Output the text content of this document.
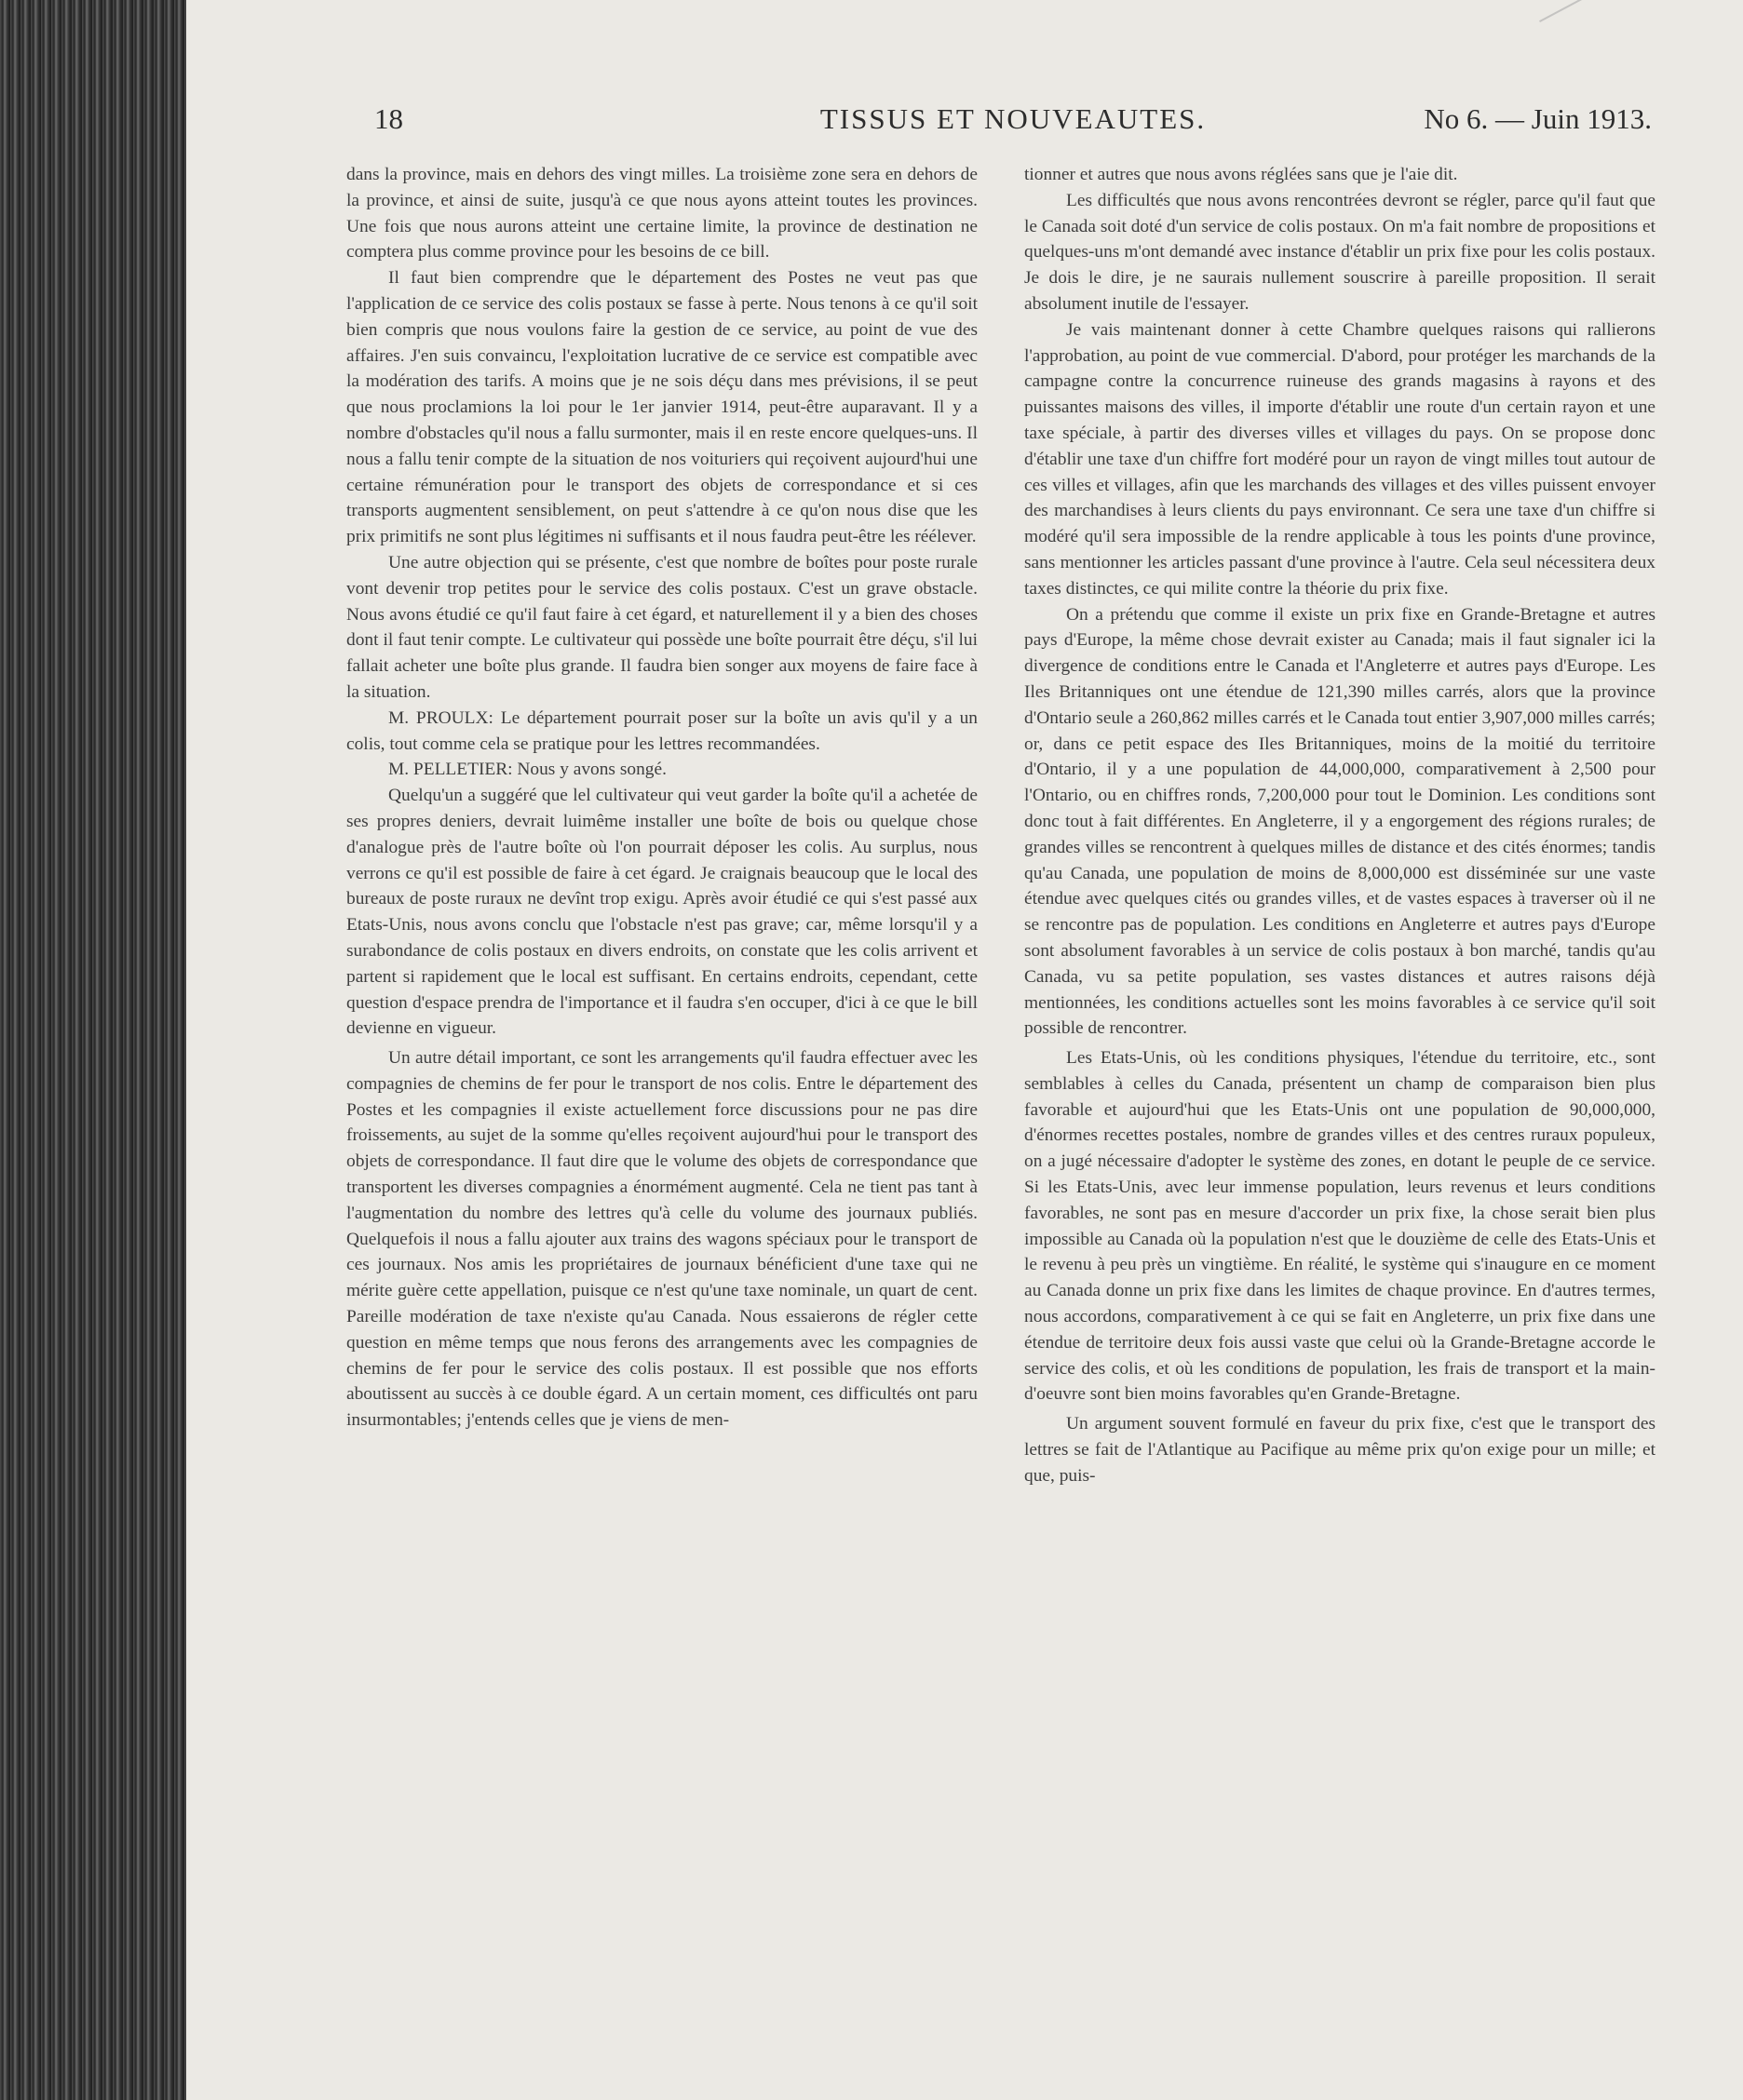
18	TISSUS ET NOUVEAUTES.	No 6. — Juin 1913.

dans la province, mais en dehors des vingt milles. La troisième zone sera en dehors de la province, et ainsi de suite, jusqu'à ce que nous ayons atteint toutes les provinces. Une fois que nous aurons atteint une certaine limite, la province de destination ne comptera plus comme province pour les besoins de ce bill.

Il faut bien comprendre que le département des Postes ne veut pas que l'application de ce service des colis postaux se fasse à perte. Nous tenons à ce qu'il soit bien compris que nous voulons faire la gestion de ce service, au point de vue des affaires. J'en suis convaincu, l'exploitation lucrative de ce service est compatible avec la modération des tarifs. A moins que je ne sois déçu dans mes prévisions, il se peut que nous proclamions la loi pour le 1er janvier 1914, peut-être auparavant. Il y a nombre d'obstacles qu'il nous a fallu surmonter, mais il en reste encore quelques-uns. Il nous a fallu tenir compte de la situation de nos voituriers qui reçoivent aujourd'hui une certaine rémunération pour le transport des objets de correspondance et si ces transports augmentent sensiblement, on peut s'attendre à ce qu'on nous dise que les prix primitifs ne sont plus légitimes ni suffisants et il nous faudra peut-être les réélever.

Une autre objection qui se présente, c'est que nombre de boîtes pour poste rurale vont devenir trop petites pour le service des colis postaux. C'est un grave obstacle. Nous avons étudié ce qu'il faut faire à cet égard, et naturellement il y a bien des choses dont il faut tenir compte. Le cultivateur qui possède une boîte pourrait être déçu, s'il lui fallait acheter une boîte plus grande. Il faudra bien songer aux moyens de faire face à la situation.

M. PROULX: Le département pourrait poser sur la boîte un avis qu'il y a un colis, tout comme cela se pratique pour les lettres recommandées.

M. PELLETIER: Nous y avons songé.

Quelqu'un a suggéré que lel cultivateur qui veut garder la boîte qu'il a achetée de ses propres deniers, devrait luimême installer une boîte de bois ou quelque chose d'analogue près de l'autre boîte où l'on pourrait déposer les colis. Au surplus, nous verrons ce qu'il est possible de faire à cet égard. Je craignais beaucoup que le local des bureaux de poste ruraux ne devînt trop exigu. Après avoir étudié ce qui s'est passé aux Etats-Unis, nous avons conclu que l'obstacle n'est pas grave; car, même lorsqu'il y a surabondance de colis postaux en divers endroits, on constate que les colis arrivent et partent si rapidement que le local est suffisant. En certains endroits, cependant, cette question d'espace prendra de l'importance et il faudra s'en occuper, d'ici à ce que le bill devienne en vigueur.

Un autre détail important, ce sont les arrangements qu'il faudra effectuer avec les compagnies de chemins de fer pour le transport de nos colis. Entre le département des Postes et les compagnies il existe actuellement force discussions pour ne pas dire froissements, au sujet de la somme qu'elles reçoivent aujourd'hui pour le transport des objets de correspondance. Il faut dire que le volume des objets de correspondance que transportent les diverses compagnies a énormément augmenté. Cela ne tient pas tant à l'augmentation du nombre des lettres qu'à celle du volume des journaux publiés. Quelquefois il nous a fallu ajouter aux trains des wagons spéciaux pour le transport de ces journaux. Nos amis les propriétaires de journaux bénéficient d'une taxe qui ne mérite guère cette appellation, puisque ce n'est qu'une taxe nominale, un quart de cent. Pareille modération de taxe n'existe qu'au Canada. Nous essaierons de régler cette question en même temps que nous ferons des arrangements avec les compagnies de chemins de fer pour le service des colis postaux. Il est possible que nos efforts aboutissent au succès à ce double égard. A un certain moment, ces difficultés ont paru insurmontables; j'entends celles que je viens de men-

tionner et autres que nous avons réglées sans que je l'aie dit.

Les difficultés que nous avons rencontrées devront se régler, parce qu'il faut que le Canada soit doté d'un service de colis postaux. On m'a fait nombre de propositions et quelques-uns m'ont demandé avec instance d'établir un prix fixe pour les colis postaux. Je dois le dire, je ne saurais nullement souscrire à pareille proposition. Il serait absolument inutile de l'essayer.

Je vais maintenant donner à cette Chambre quelques raisons qui rallierons l'approbation, au point de vue commercial. D'abord, pour protéger les marchands de la campagne contre la concurrence ruineuse des grands magasins à rayons et des puissantes maisons des villes, il importe d'établir une route d'un certain rayon et une taxe spéciale, à partir des diverses villes et villages du pays. On se propose donc d'établir une taxe d'un chiffre fort modéré pour un rayon de vingt milles tout autour de ces villes et villages, afin que les marchands des villages et des villes puissent envoyer des marchandises à leurs clients du pays environnant. Ce sera une taxe d'un chiffre si modéré qu'il sera impossible de la rendre applicable à tous les points d'une province, sans mentionner les articles passant d'une province à l'autre. Cela seul nécessitera deux taxes distinctes, ce qui milite contre la théorie du prix fixe.

On a prétendu que comme il existe un prix fixe en Grande-Bretagne et autres pays d'Europe, la même chose devrait exister au Canada; mais il faut signaler ici la divergence de conditions entre le Canada et l'Angleterre et autres pays d'Europe. Les Iles Britanniques ont une étendue de 121,390 milles carrés, alors que la province d'Ontario seule a 260,862 milles carrés et le Canada tout entier 3,907,000 milles carrés; or, dans ce petit espace des Iles Britanniques, moins de la moitié du territoire d'Ontario, il y a une population de 44,000,000, comparativement à 2,500 pour l'Ontario, ou en chiffres ronds, 7,200,000 pour tout le Dominion. Les conditions sont donc tout à fait différentes. En Angleterre, il y a engorgement des régions rurales; de grandes villes se rencontrent à quelques milles de distance et des cités énormes; tandis qu'au Canada, une population de moins de 8,000,000 est disséminée sur une vaste étendue avec quelques cités ou grandes villes, et de vastes espaces à traverser où il ne se rencontre pas de population. Les conditions en Angleterre et autres pays d'Europe sont absolument favorables à un service de colis postaux à bon marché, tandis qu'au Canada, vu sa petite population, ses vastes distances et autres raisons déjà mentionnées, les conditions actuelles sont les moins favorables à ce service qu'il soit possible de rencontrer.

Les Etats-Unis, où les conditions physiques, l'étendue du territoire, etc., sont semblables à celles du Canada, présentent un champ de comparaison bien plus favorable et aujourd'hui que les Etats-Unis ont une population de 90,000,000, d'énormes recettes postales, nombre de grandes villes et des centres ruraux populeux, on a jugé nécessaire d'adopter le système des zones, en dotant le peuple de ce service. Si les Etats-Unis, avec leur immense population, leurs revenus et leurs conditions favorables, ne sont pas en mesure d'accorder un prix fixe, la chose serait bien plus impossible au Canada où la population n'est que le douzième de celle des Etats-Unis et le revenu à peu près un vingtième. En réalité, le système qui s'inaugure en ce moment au Canada donne un prix fixe dans les limites de chaque province. En d'autres termes, nous accordons, comparativement à ce qui se fait en Angleterre, un prix fixe dans une étendue de territoire deux fois aussi vaste que celui où la Grande-Bretagne accorde le service des colis, et où les conditions de population, les frais de transport et la main-d'oeuvre sont bien moins favorables qu'en Grande-Bretagne.

Un argument souvent formulé en faveur du prix fixe, c'est que le transport des lettres se fait de l'Atlantique au Pacifique au même prix qu'on exige pour un mille; et que, puis-
